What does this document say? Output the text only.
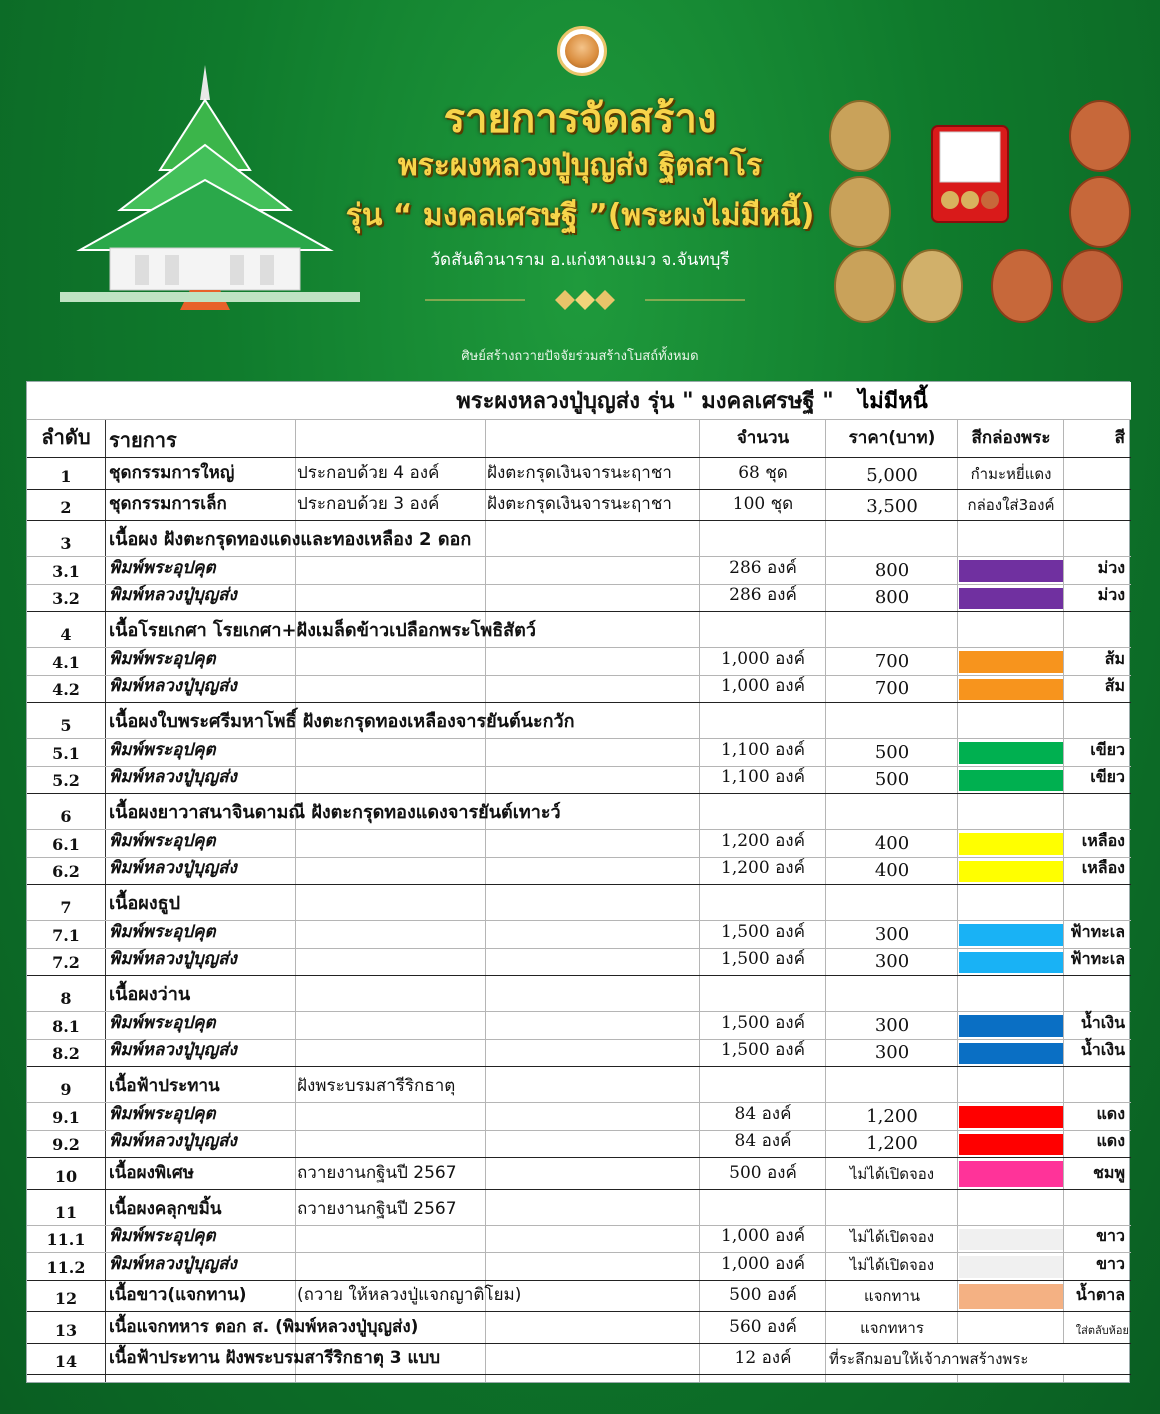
รายการจัดสร้าง
พระผงหลวงปู่บุญส่ง ฐิตสาโร
รุ่น “ มงคลเศรษฐี ”(พระผงไม่มีหนี้)
วัดสันติวนาราม อ.แก่งหางแมว จ.จันทบุรี
ศิษย์สร้างถวายปัจจัยร่วมสร้างโบสถ์ทั้งหมด
พระผงหลวงปู่บุญส่ง รุ่น " มงคลเศรษฐี "	ไม่มีหนี้
ลำดับ รายการ	จำนวน	ราคา(บาท)	สีกล่องพระ	สี
1	ชุดกรรมการใหญ่	ประกอบด้วย 4 องค์	ฝังตะกรุดเงินจารนะฤาชา	68 ชุด	5,000	กำมะหยี่แดง
2	ชุดกรรมการเล็ก	ประกอบด้วย 3 องค์	ฝังตะกรุดเงินจารนะฤาชา	100 ชุด	3,500	กล่องใส่3องค์
3	เนื้อผง ฝังตะกรุดทองแดงและทองเหลือง 2 ดอก
3.1	พิมพ์พระอุปคุต	286 องค์	800	ม่วง
3.2	พิมพ์หลวงปู่บุญส่ง	286 องค์	800	ม่วง
4	เนื้อโรยเกศา โรยเกศา+ฝังเมล็ดข้าวเปลือกพระโพธิสัตว์
4.1	พิมพ์พระอุปคุต	1,000 องค์	700	ส้ม
4.2	พิมพ์หลวงปู่บุญส่ง	1,000 องค์	700	ส้ม
5	เนื้อผงใบพระศรีมหาโพธิ์ ฝังตะกรุดทองเหลืองจารยันต์นะกวัก
5.1	พิมพ์พระอุปคุต	1,100 องค์	500	เขียว
5.2	พิมพ์หลวงปู่บุญส่ง	1,100 องค์	500	เขียว
6	เนื้อผงยาวาสนาจินดามณี ฝังตะกรุดทองแดงจารยันต์เทาะว์
6.1	พิมพ์พระอุปคุต	1,200 องค์	400	เหลือง
6.2	พิมพ์หลวงปู่บุญส่ง	1,200 องค์	400	เหลือง
7	เนื้อผงธูป
7.1	พิมพ์พระอุปคุต	1,500 องค์	300	ฟ้าทะเล
7.2	พิมพ์หลวงปู่บุญส่ง	1,500 องค์	300	ฟ้าทะเล
8	เนื้อผงว่าน
8.1	พิมพ์พระอุปคุต	1,500 องค์	300	น้ำเงิน
8.2	พิมพ์หลวงปู่บุญส่ง	1,500 องค์	300	น้ำเงิน
9	เนื้อฟ้าประทาน	ฝังพระบรมสารีริกธาตุ
9.1	พิมพ์พระอุปคุต	84 องค์	1,200	แดง
9.2	พิมพ์หลวงปู่บุญส่ง	84 องค์	1,200	แดง
10	เนื้อผงพิเศษ	ถวายงานกฐินปี 2567	500 องค์	ไม่ได้เปิดจอง	ชมพู
11	เนื้อผงคลุกขมิ้น	ถวายงานกฐินปี 2567
11.1	พิมพ์พระอุปคุต	1,000 องค์	ไม่ได้เปิดจอง	ขาว
11.2	พิมพ์หลวงปู่บุญส่ง	1,000 องค์	ไม่ได้เปิดจอง	ขาว
12	เนื้อขาว(แจกทาน)	(ถวาย ให้หลวงปู่แจกญาติโยม)	500 องค์	แจกทาน	น้ำตาล
13	เนื้อแจกทหาร ตอก ส. (พิมพ์หลวงปู่บุญส่ง)	560 องค์	แจกทหาร	ใส่ตลับห้อย
14	เนื้อฟ้าประทาน ฝังพระบรมสารีริกธาตุ 3 แบบ	12 องค์	ที่ระลึกมอบให้เจ้าภาพสร้างพระ
